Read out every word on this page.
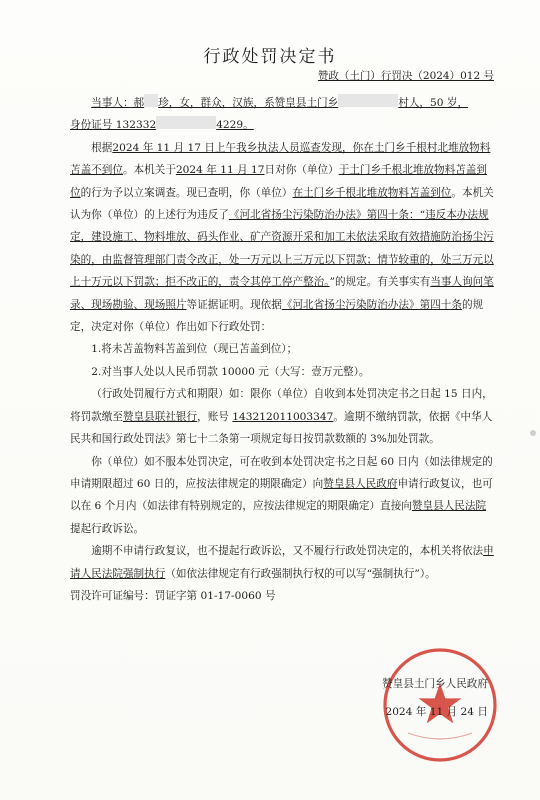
行政处罚决定书
赞政（土门）行罚决（2024）012 号

当事人：郝 珍，女，群众，汉族，系赞皇县土门乡	村人，50 岁，
身份证号 132332	4229。

根据2024 年 11 月 17 日上午我乡执法人员巡查发现，你在土门乡千根村北堆放物料苫盖不到位。本机关于2024 年 11 月 17日对你（单位）于土门乡千根北堆放物料苫盖到位的行为予以立案调查。现已查明，你（单位）在土门乡千根北堆放物料苫盖到位。本机关认为你（单位）的上述行为违反了《河北省扬尘污染防治办法》第四十条：“违反本办法规定，建设施工、物料堆放、码头作业、矿产资源开采和加工未依法采取有效措施防治扬尘污染的，由监督管理部门责令改正，处一万元以上三万元以下罚款；情节较重的，处三万元以上十万元以下罚款；拒不改正的，责令其停工停产整治。”的规定。有关事实有当事人询问笔录、现场勘验、现场照片等证据证明。现依据《河北省扬尘污染防治办法》第四十条的规定，决定对你（单位）作出如下行政处罚：

1.将未苫盖物料苫盖到位（现已苫盖到位）；

2.对当事人处以人民币罚款 10000 元（大写：壹万元整）。

（行政处罚履行方式和期限）如：限你（单位）自收到本处罚决定书之日起 15 日内，将罚款缴至赞皇县联社银行，账号 143212011003347。逾期不缴纳罚款，依据《中华人民共和国行政处罚法》第七十二条第一项规定每日按罚款数额的 3%加处罚款。

你（单位）如不服本处罚决定，可在收到本处罚决定书之日起 60 日内（如法律规定的申请期限超过 60 日的，应按法律规定的期限确定）向赞皇县人民政府申请行政复议，也可以在 6 个月内（如法律有特别规定的，应按法律规定的期限确定）直接向赞皇县人民法院提起行政诉讼。

逾期不申请行政复议，也不提起行政诉讼，又不履行行政处罚决定的，本机关将依法申请人民法院强制执行（如依法律规定有行政强制执行权的可以写“强制执行”）。

罚没许可证编号：罚证字第 01-17-0060 号

赞皇县土门乡人民政府
2024 年 11 月 24 日
